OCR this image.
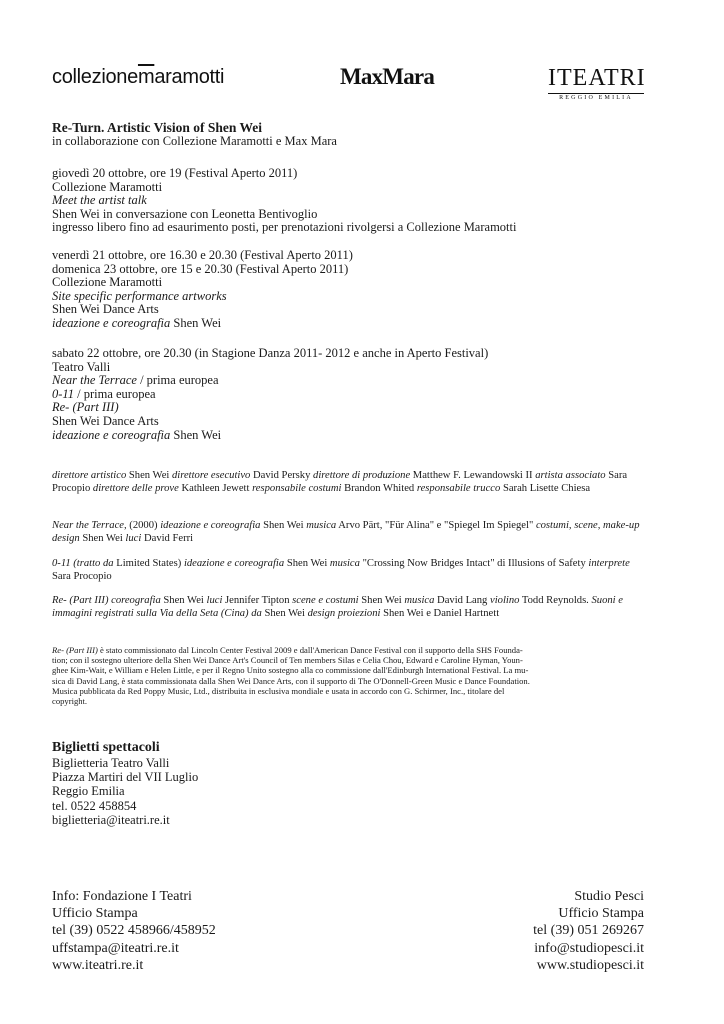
$collezione\overline{m}aramotti$	MaxMara	ITEATRI
REGGIO EMILIA
Re-Turn. Artistic Vision of Shen Wei
in collaborazione con Collezione Maramotti e Max Mara
giovedì 20 ottobre, ore 19 (Festival Aperto 2011)
Collezione Maramotti
Meet the artist talk
Shen Wei in conversazione con Leonetta Bentivoglio
ingresso libero fino ad esaurimento posti, per prenotazioni rivolgersi a Collezione Maramotti
venerdì 21 ottobre, ore 16.30 e 20.30 (Festival Aperto 2011)
domenica 23 ottobre, ore 15 e 20.30 (Festival Aperto 2011)
Collezione Maramotti
Site specific performance artworks
Shen Wei Dance Arts
ideazione e coreografia Shen Wei
sabato 22 ottobre, ore 20.30 (in Stagione Danza 2011- 2012 e anche in Aperto Festival)
Teatro Valli
Near the Terrace / prima europea
0-11 / prima europea
Re- (Part III)
Shen Wei Dance Arts
ideazione e coreografia Shen Wei

direttore artistico Shen Wei direttore esecutivo David Persky direttore di produzione Matthew F. Lewandowski II artista associato Sara Procopio direttore delle prove Kathleen Jewett responsabile costumi Brandon Whited responsabile trucco Sarah Lisette Chiesa

Near the Terrace, (2000) ideazione e coreografia Shen Wei musica Arvo Pärt, "Für Alina" e "Spiegel Im Spiegel" costumi, scene, make-up design Shen Wei luci David Ferri

0-11 (tratto da Limited States) ideazione e coreografia Shen Wei musica "Crossing Now Bridges Intact" di Illusions of Safety interprete Sara Procopio

Re- (Part III) coreografia Shen Wei luci Jennifer Tipton scene e costumi Shen Wei musica David Lang violino Todd Reynolds. Suoni e immagini registrati sulla Via della Seta (Cina) da Shen Wei design proiezioni Shen Wei e Daniel Hartnett

Re- (Part III) è stato commissionato dal Lincoln Center Festival 2009 e dall'American Dance Festival con il supporto della SHS Founda-
tion; con il sostegno ulteriore della Shen Wei Dance Art's Council of Ten members Silas e Celia Chou, Edward e Caroline Hyman, Youn-
ghee Kim-Wait, e William e Helen Little, e per il Regno Unito sostegno alla co commissione dall'Edinburgh International Festival. La mu-
sica di David Lang, è stata commissionata dalla Shen Wei Dance Arts, con il supporto di The O'Donnell-Green Music e Dance Foundation.
Musica pubblicata da Red Poppy Music, Ltd., distribuita in esclusiva mondiale e usata in accordo con G. Schirmer, Inc., titolare del
copyright.
Biglietti spettacoli
Biglietteria Teatro Valli
Piazza Martiri del VII Luglio
Reggio Emilia
tel. 0522 458854
biglietteria@iteatri.re.it
Info: Fondazione I Teatri
Ufficio Stampa
tel (39) 0522 458966/458952
uffstampa@iteatri.re.it
www.iteatri.re.it
Studio Pesci
Ufficio Stampa
tel (39) 051 269267
info@studiopesci.it
www.studiopesci.it
